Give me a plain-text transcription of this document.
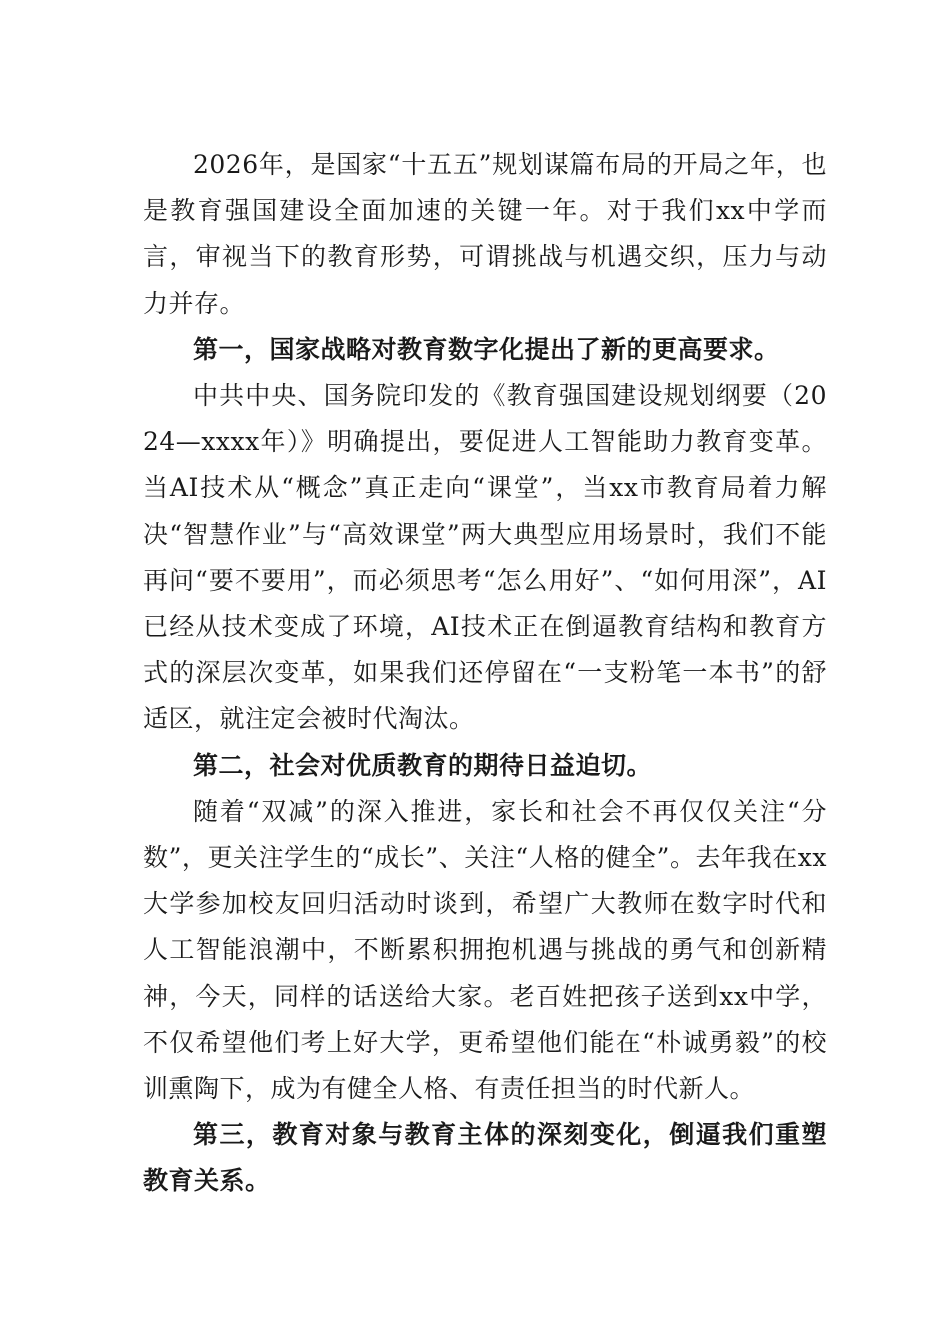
2026年，是国家“十五五”规划谋篇布局的开局之年，也是教育强国建设全面加速的关键一年。对于我们xx中学而言，审视当下的教育形势，可谓挑战与机遇交织，压力与动力并存。

第一，国家战略对教育数字化提出了新的更高要求。

中共中央、国务院印发的《教育强国建设规划纲要（2024—xxxx年）》明确提出，要促进人工智能助力教育变革。当AI技术从“概念”真正走向“课堂”，当xx市教育局着力解决“智慧作业”与“高效课堂”两大典型应用场景时，我们不能再问“要不要用”，而必须思考“怎么用好”、“如何用深”，AI已经从技术变成了环境，AI技术正在倒逼教育结构和教育方式的深层次变革，如果我们还停留在“一支粉笔一本书”的舒适区，就注定会被时代淘汰。

第二，社会对优质教育的期待日益迫切。

随着“双减”的深入推进，家长和社会不再仅仅关注“分数”，更关注学生的“成长”、关注“人格的健全”。去年我在xx大学参加校友回归活动时谈到，希望广大教师在数字时代和人工智能浪潮中，不断累积拥抱机遇与挑战的勇气和创新精神，今天，同样的话送给大家。老百姓把孩子送到xx中学，不仅希望他们考上好大学，更希望他们能在“朴诚勇毅”的校训熏陶下，成为有健全人格、有责任担当的时代新人。

第三，教育对象与教育主体的深刻变化，倒逼我们重塑教育关系。
